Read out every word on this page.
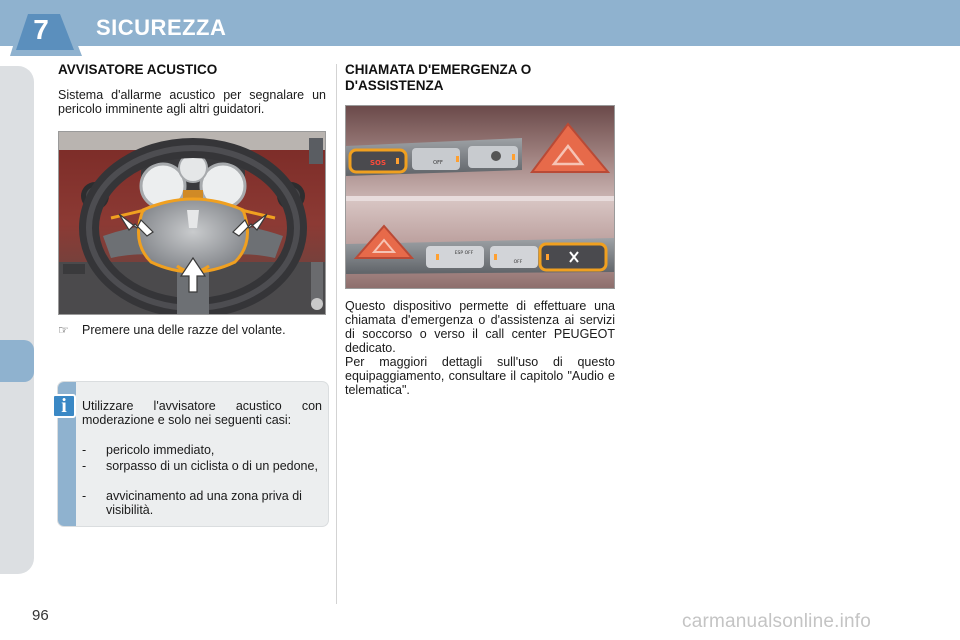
7	SICUREZZA
AVVISATORE ACUSTICO
Sistema d'allarme acustico per segnalare un pericolo imminente agli altri guidatori.
☞ Premere una delle razze del volante.
i	Utilizzare l'avvisatore acustico con moderazione e solo nei seguenti casi:
- pericolo immediato,
- sorpasso di un ciclista o di un pedone,
- avvicinamento ad una zona priva di visibilità.
CHIAMATA D'EMERGENZA O
D'ASSISTENZA
SOS	OFF
ESP OFF
OFF
Questo dispositivo permette di effettuare una chiamata d'emergenza o d'assistenza ai servizi di soccorso o verso il call center PEUGEOT dedicato.
Per maggiori dettagli sull'uso di questo equipaggiamento, consultare il capitolo "Audio e telematica".
96	carmanualsonline.info
